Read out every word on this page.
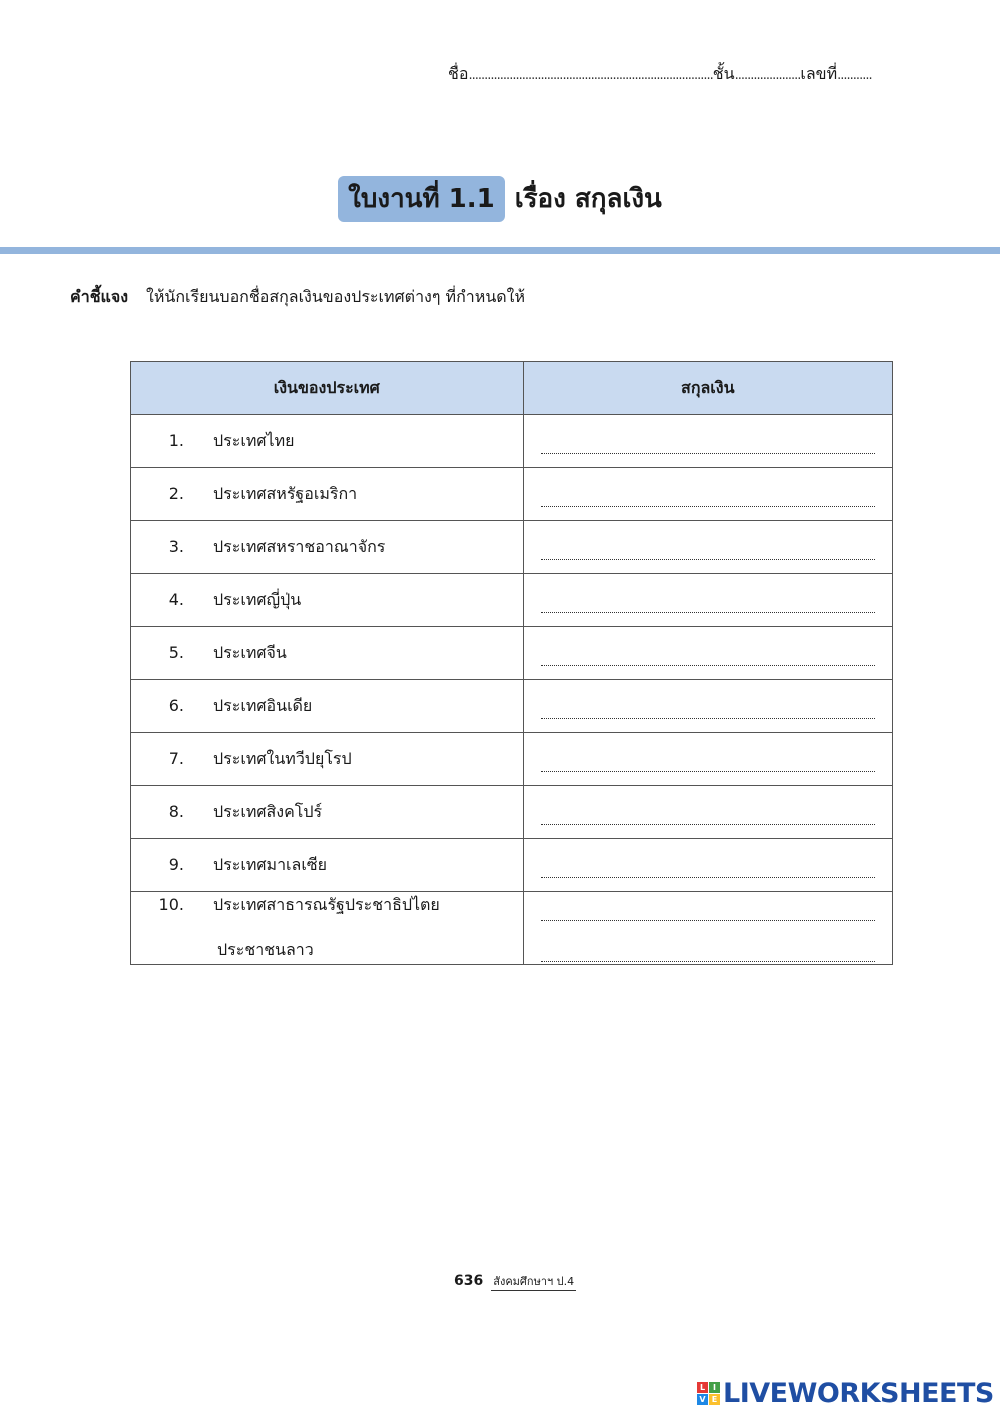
ชื่อ..............................................................................ชั้น.....................เลขที่...........
ใบงานที่ 1.1 เรื่อง สกุลเงิน
คำชี้แจง ให้นักเรียนบอกชื่อสกุลเงินของประเทศต่างๆ ที่กำหนดให้
เงินของประเทศ	สกุลเงิน
1. ประเทศไทย	

2. ประเทศสหรัฐอเมริกา	

3. ประเทศสหราชอาณาจักร	

4. ประเทศญี่ปุ่น	

5. ประเทศจีน	

6. ประเทศอินเดีย	

7. ประเทศในทวีปยุโรป	

8. ประเทศสิงคโปร์	

9. ประเทศมาเลเซีย	

10. ประเทศสาธารณรัฐประชาธิปไตย
ประชาชนลาว	

636 สังคมศึกษาฯ ป.4
L I
V E LIVEWORKSHEETS
